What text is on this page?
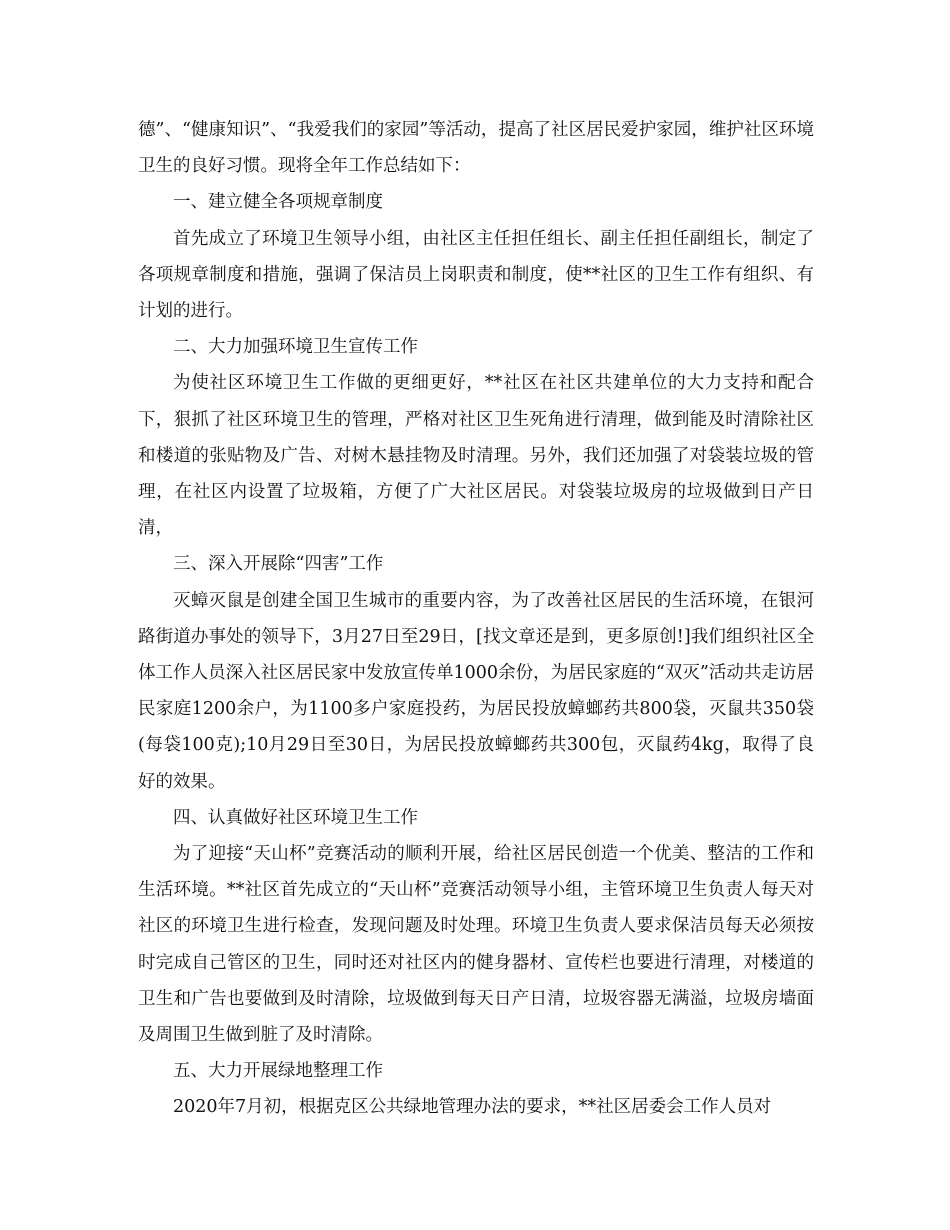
德”、“健康知识”、“我爱我们的家园”等活动，提高了社区居民爱护家园，维护社区环境卫生的良好习惯。现将全年工作总结如下：

一、建立健全各项规章制度

首先成立了环境卫生领导小组，由社区主任担任组长、副主任担任副组长，制定了各项规章制度和措施，强调了保洁员上岗职责和制度，使**社区的卫生工作有组织、有计划的进行。

二、大力加强环境卫生宣传工作

为使社区环境卫生工作做的更细更好，**社区在社区共建单位的大力支持和配合下，狠抓了社区环境卫生的管理，严格对社区卫生死角进行清理，做到能及时清除社区和楼道的张贴物及广告、对树木悬挂物及时清理。另外，我们还加强了对袋装垃圾的管理，在社区内设置了垃圾箱，方便了广大社区居民。对袋装垃圾房的垃圾做到日产日清，

三、深入开展除“四害”工作

灭蟑灭鼠是创建全国卫生城市的重要内容，为了改善社区居民的生活环境，在银河路街道办事处的领导下，3月27日至29日，[找文章还是到，更多原创!]我们组织社区全体工作人员深入社区居民家中发放宣传单1000余份，为居民家庭的“双灭”活动共走访居民家庭1200余户，为1100多户家庭投药，为居民投放蟑螂药共800袋，灭鼠共350袋(每袋100克);10月29日至30日，为居民投放蟑螂药共300包，灭鼠药4kg，取得了良好的效果。

四、认真做好社区环境卫生工作

为了迎接“天山杯”竞赛活动的顺利开展，给社区居民创造一个优美、整洁的工作和生活环境。**社区首先成立的“天山杯”竞赛活动领导小组，主管环境卫生负责人每天对社区的环境卫生进行检查，发现问题及时处理。环境卫生负责人要求保洁员每天必须按时完成自己管区的卫生，同时还对社区内的健身器材、宣传栏也要进行清理，对楼道的卫生和广告也要做到及时清除，垃圾做到每天日产日清，垃圾容器无满溢，垃圾房墙面及周围卫生做到脏了及时清除。

五、大力开展绿地整理工作

2020年7月初，根据克区公共绿地管理办法的要求，**社区居委会工作人员对
